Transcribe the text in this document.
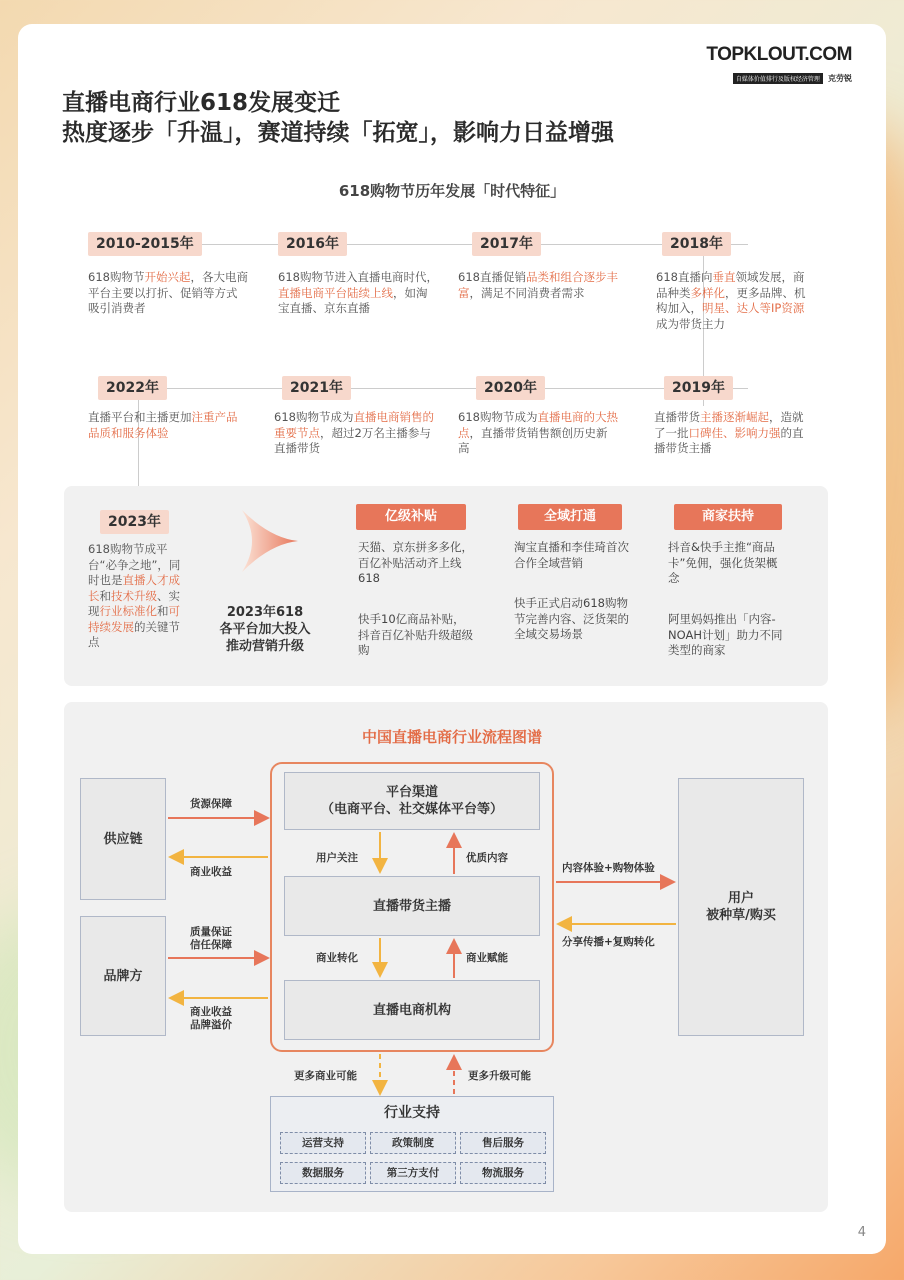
TOPKLOUT.COM
自媒体价值排行及版权经济管理 克劳锐
直播电商行业618发展变迁
热度逐步「升温」，赛道持续「拓宽」，影响力日益增强
618购物节历年发展「时代特征」
2010-2015年	2016年	2017年	2018年
618购物节开始兴起，各大电商平台主要以打折、促销等方式吸引消费者
618购物节进入直播电商时代，直播电商平台陆续上线，如淘宝直播、京东直播
618直播促销品类和组合逐步丰富，满足不同消费者需求
618直播向垂直领域发展，商品种类多样化，更多品牌、机构加入，明星、达人等IP资源成为带货主力
2022年	2021年	2020年	2019年
直播平台和主播更加注重产品品质和服务体验
618购物节成为直播电商销售的重要节点，超过2万名主播参与直播带货
618购物节成为直播电商的大热点，直播带货销售额创历史新高
直播带货主播逐渐崛起，造就了一批口碑佳、影响力强的直播带货主播
2023年
618购物节成平台“必争之地”，同时也是直播人才成长和技术升级、实现行业标准化和可持续发展的关键节点
2023年618
各平台加大投入
推动营销升级
亿级补贴	全域打通	商家扶持
天猫、京东拼多多化，百亿补贴活动齐上线618
快手10亿商品补贴，抖音百亿补贴升级超级购
淘宝直播和李佳琦首次合作全域营销
快手正式启动618购物节完善内容、泛货架的全域交易场景
抖音&快手主推“商品卡”免佣，强化货架概念
阿里妈妈推出「内容-NOAH计划」助力不同类型的商家
中国直播电商行业流程图谱
供应链
品牌方
平台渠道
（电商平台、社交媒体平台等）
直播带货主播
直播电商机构
用户
被种草/购买
货源保障
商业收益
质量保证
信任保障
商业收益
品牌溢价
用户关注	优质内容
商业转化	商业赋能
内容体验+购物体验
分享传播+复购转化
更多商业可能	更多升级可能
行业支持
运营支持	政策制度	售后服务
数据服务	第三方支付	物流服务
4
